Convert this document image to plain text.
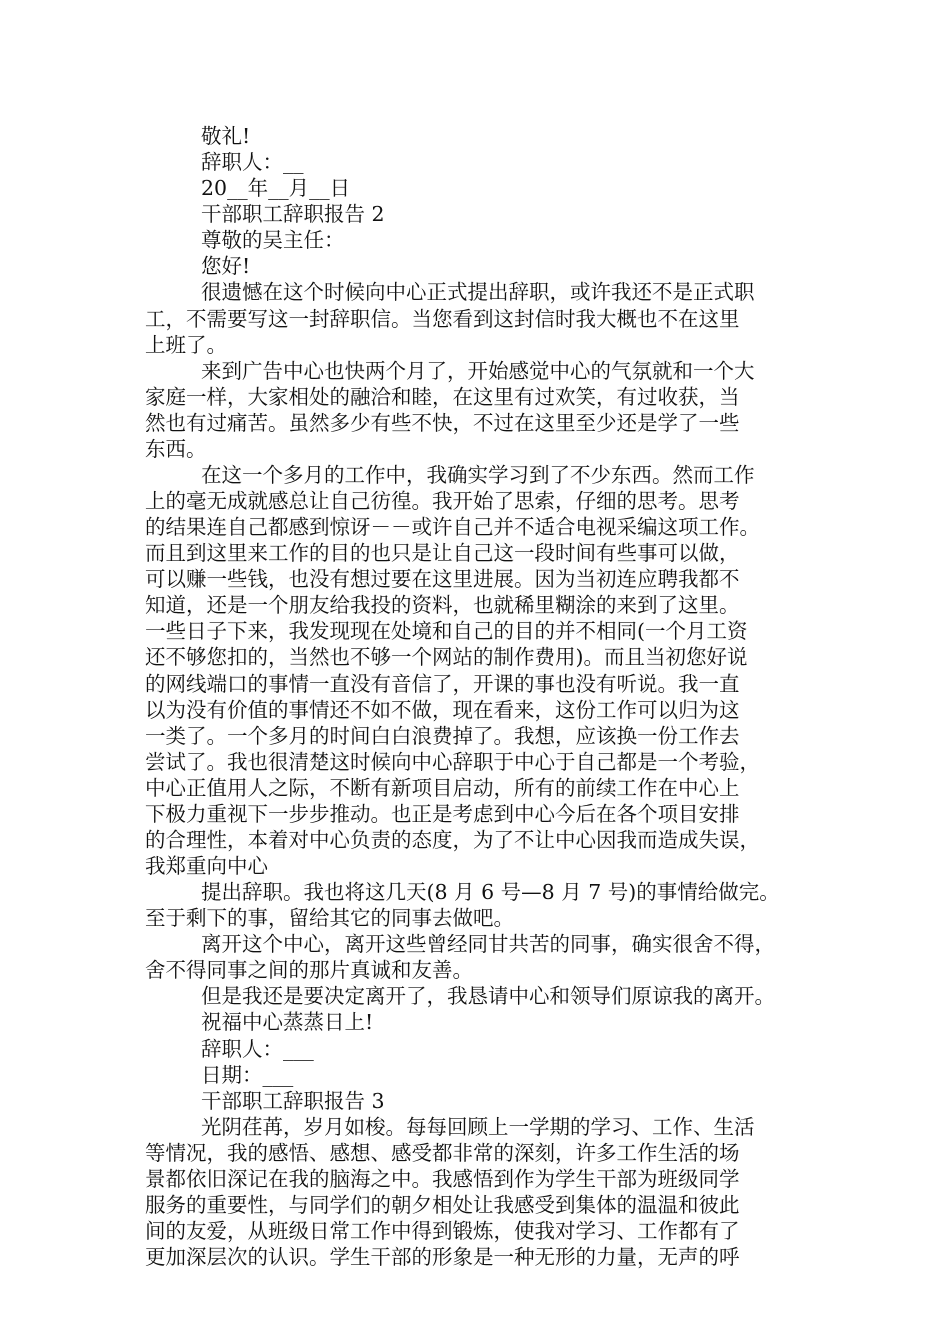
敬礼!
辞职人：__
20__年__月__日
干部职工辞职报告 2
尊敬的吴主任：
您好!
很遗憾在这个时候向中心正式提出辞职，或许我还不是正式职
工，不需要写这一封辞职信。当您看到这封信时我大概也不在这里
上班了。
来到广告中心也快两个月了，开始感觉中心的气氛就和一个大
家庭一样，大家相处的融洽和睦，在这里有过欢笑，有过收获，当
然也有过痛苦。虽然多少有些不快，不过在这里至少还是学了一些
东西。
在这一个多月的工作中，我确实学习到了不少东西。然而工作
上的毫无成就感总让自己彷徨。我开始了思索，仔细的思考。思考
的结果连自己都感到惊讶－－或许自己并不适合电视采编这项工作。
而且到这里来工作的目的也只是让自己这一段时间有些事可以做，
可以赚一些钱，也没有想过要在这里进展。因为当初连应聘我都不
知道，还是一个朋友给我投的资料，也就稀里糊涂的来到了这里。
一些日子下来，我发现现在处境和自己的目的并不相同(一个月工资
还不够您扣的，当然也不够一个网站的制作费用)。而且当初您好说
的网线端口的事情一直没有音信了，开课的事也没有听说。我一直
以为没有价值的事情还不如不做，现在看来，这份工作可以归为这
一类了。一个多月的时间白白浪费掉了。我想，应该换一份工作去
尝试了。我也很清楚这时候向中心辞职于中心于自己都是一个考验，
中心正值用人之际，不断有新项目启动，所有的前续工作在中心上
下极力重视下一步步推动。也正是考虑到中心今后在各个项目安排
的合理性，本着对中心负责的态度，为了不让中心因我而造成失误，
我郑重向中心
提出辞职。我也将这几天(8 月 6 号—8 月 7 号)的事情给做完。
至于剩下的事，留给其它的同事去做吧。
离开这个中心，离开这些曾经同甘共苦的同事，确实很舍不得，
舍不得同事之间的那片真诚和友善。
但是我还是要决定离开了，我恳请中心和领导们原谅我的离开。
祝福中心蒸蒸日上!
辞职人：___
日期：___
干部职工辞职报告 3
光阴荏苒，岁月如梭。每每回顾上一学期的学习、工作、生活
等情况，我的感悟、感想、感受都非常的深刻，许多工作生活的场
景都依旧深记在我的脑海之中。我感悟到作为学生干部为班级同学
服务的重要性，与同学们的朝夕相处让我感受到集体的温温和彼此
间的友爱，从班级日常工作中得到锻炼，使我对学习、工作都有了
更加深层次的认识。学生干部的形象是一种无形的力量，无声的呼
